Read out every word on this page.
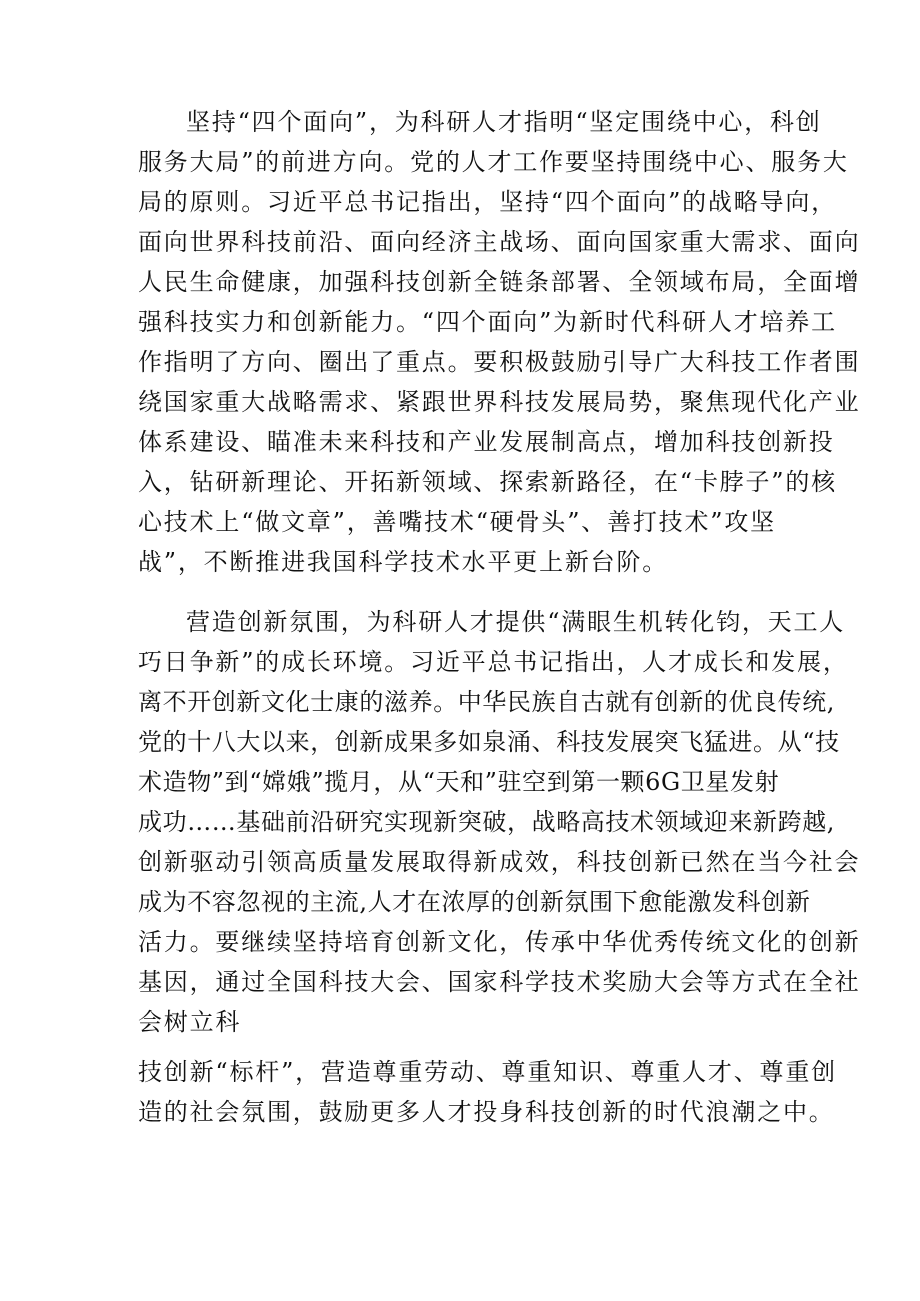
坚持“四个面向”，为科研人才指明“坚定围绕中心，科创
服务大局”的前进方向。党的人才工作要坚持围绕中心、服务大
局的原则。习近平总书记指出，坚持“四个面向”的战略导向，
面向世界科技前沿、面向经济主战场、面向国家重大需求、面向
人民生命健康，加强科技创新全链条部署、全领域布局，全面增
强科技实力和创新能力。“四个面向”为新时代科研人才培养工
作指明了方向、圈出了重点。要积极鼓励引导广大科技工作者围
绕国家重大战略需求、紧跟世界科技发展局势，聚焦现代化产业
体系建设、瞄准未来科技和产业发展制高点，增加科技创新投
入，钻研新理论、开拓新领域、探索新路径，在“卡脖子”的核
心技术上“做文章”，善嘴技术“硬骨头”、善打技术”攻坚
战”，不断推进我国科学技术水平更上新台阶。
营造创新氛围，为科研人才提供“满眼生机转化钧，天工人
巧日争新”的成长环境。习近平总书记指出，人才成长和发展，
离不开创新文化士康的滋养。中华民族自古就有创新的优良传统,
党的十八大以来，创新成果多如泉涌、科技发展突飞猛进。从“技
术造物”到“嫦娥”揽月，从“天和”驻空到第一颗6G卫星发射
成功……基础前沿研究实现新突破，战略高技术领域迎来新跨越,
创新驱动引领高质量发展取得新成效，科技创新已然在当今社会
成为不容忽视的主流,人才在浓厚的创新氛围下愈能激发科创新
活力。要继续坚持培育创新文化，传承中华优秀传统文化的创新
基因，通过全国科技大会、国家科学技术奖励大会等方式在全社
会树立科
技创新“标杆”，营造尊重劳动、尊重知识、尊重人才、尊重创
造的社会氛围，鼓励更多人才投身科技创新的时代浪潮之中。
